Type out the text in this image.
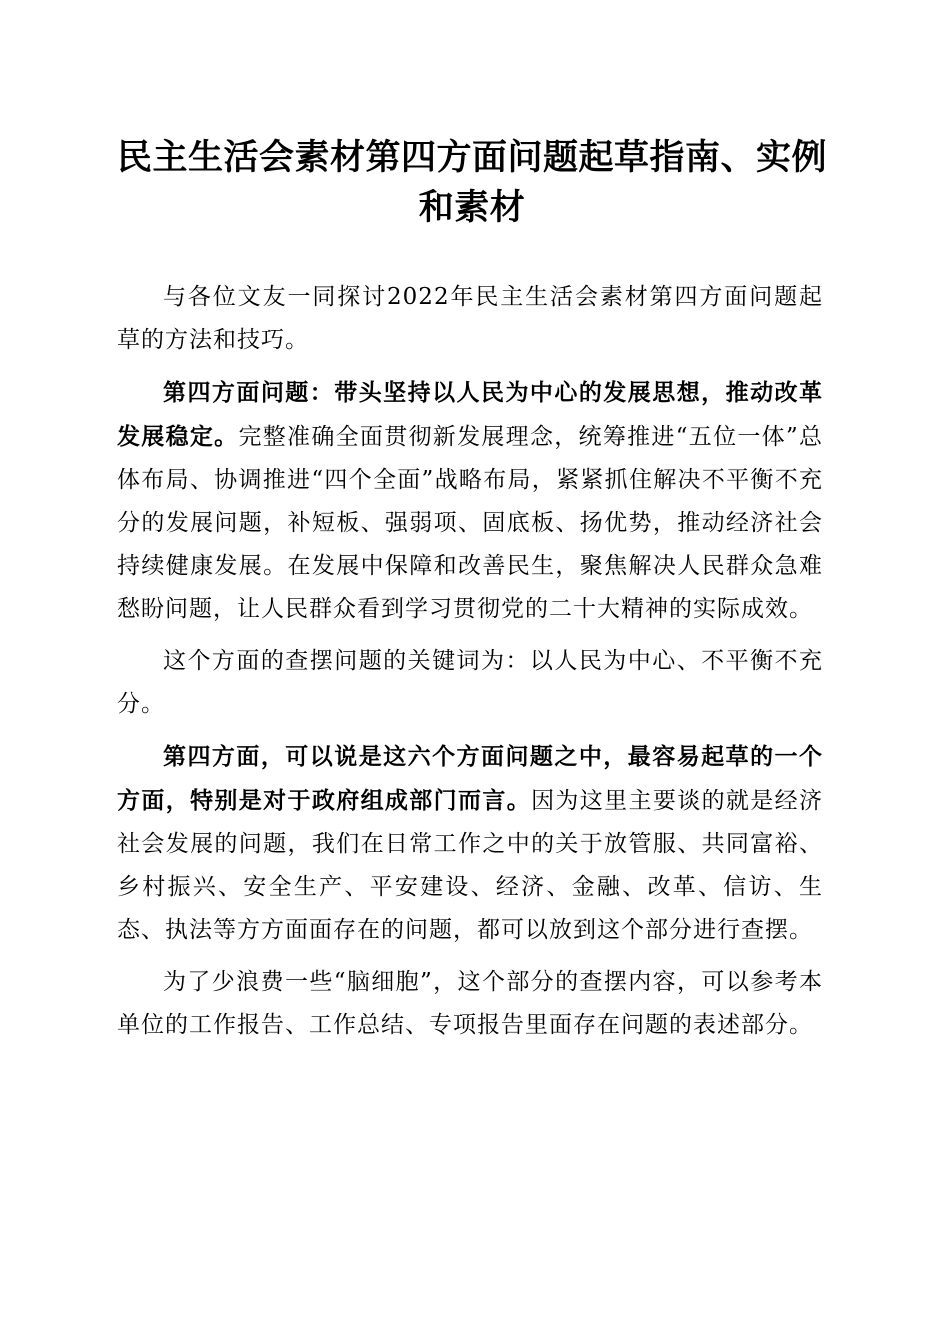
民主生活会素材第四方面问题起草指南、实例和素材

与各位文友一同探讨2022年民主生活会素材第四方面问题起草的方法和技巧。

第四方面问题：带头坚持以人民为中心的发展思想，推动改革发展稳定。完整准确全面贯彻新发展理念，统筹推进“五位一体”总体布局、协调推进“四个全面”战略布局，紧紧抓住解决不平衡不充分的发展问题，补短板、强弱项、固底板、扬优势，推动经济社会持续健康发展。在发展中保障和改善民生，聚焦解决人民群众急难愁盼问题，让人民群众看到学习贯彻党的二十大精神的实际成效。

这个方面的查摆问题的关键词为：以人民为中心、不平衡不充分。

第四方面，可以说是这六个方面问题之中，最容易起草的一个方面，特别是对于政府组成部门而言。因为这里主要谈的就是经济社会发展的问题，我们在日常工作之中的关于放管服、共同富裕、乡村振兴、安全生产、平安建设、经济、金融、改革、信访、生态、执法等方方面面存在的问题，都可以放到这个部分进行查摆。

为了少浪费一些“脑细胞”，这个部分的查摆内容，可以参考本单位的工作报告、工作总结、专项报告里面存在问题的表述部分。
